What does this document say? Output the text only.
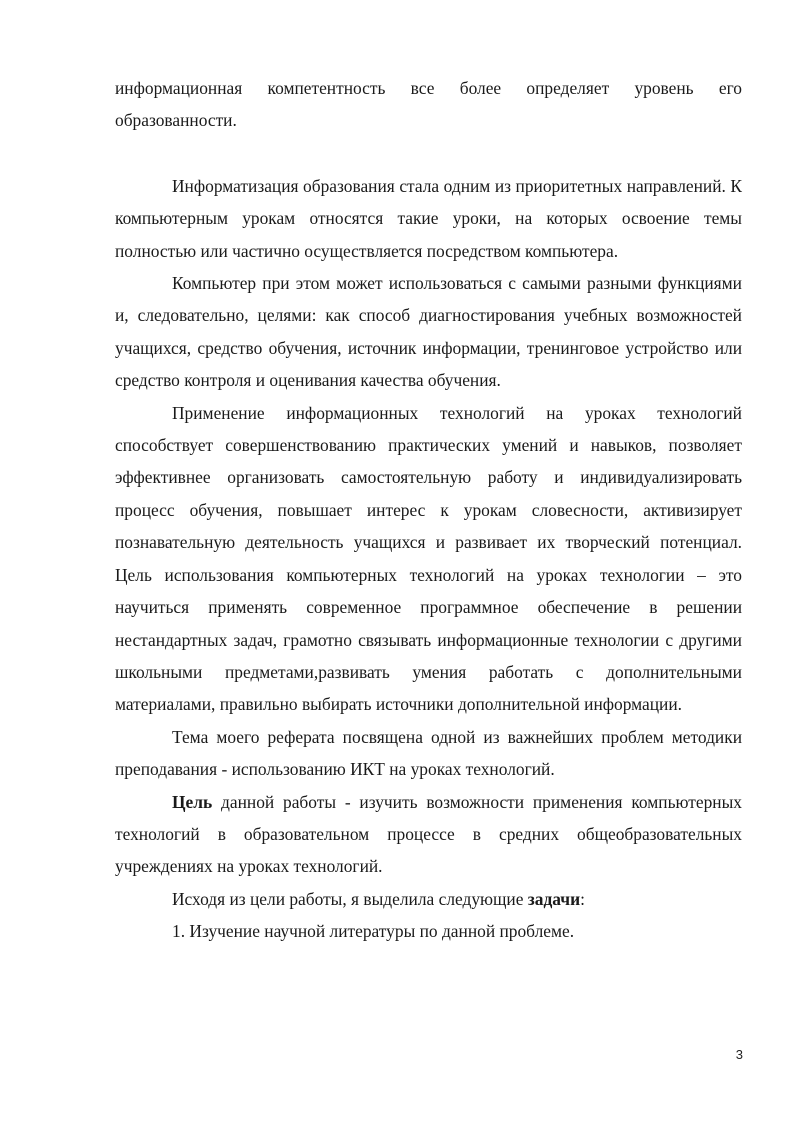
информационная компетентность все более определяет уровень его образованности.

Информатизация образования стала одним из приоритетных направлений. К компьютерным урокам относятся такие уроки, на которых освоение темы полностью или частично осуществляется посредством компьютера.

Компьютер при этом может использоваться с самыми разными функциями и, следовательно, целями: как способ диагностирования учебных возможностей учащихся, средство обучения, источник информации, тренинговое устройство или средство контроля и оценивания качества обучения.

Применение информационных технологий на уроках технологий способствует совершенствованию практических умений и навыков, позволяет эффективнее организовать самостоятельную работу и индивидуализировать процесс обучения, повышает интерес к урокам словесности, активизирует познавательную деятельность учащихся и развивает их творческий потенциал. Цель использования компьютерных технологий на уроках технологии – это научиться применять современное программное обеспечение в решении нестандартных задач, грамотно связывать информационные технологии с другими школьными предметами,развивать умения работать с дополнительными материалами, правильно выбирать источники дополнительной информации.

Тема моего реферата посвящена одной из важнейших проблем методики преподавания - использованию ИКТ на уроках технологий.

Цель данной работы - изучить возможности применения компьютерных технологий в образовательном процессе в средних общеобразовательных учреждениях на уроках технологий.

Исходя из цели работы, я выделила следующие задачи:

1. Изучение научной литературы по данной проблеме.

3
